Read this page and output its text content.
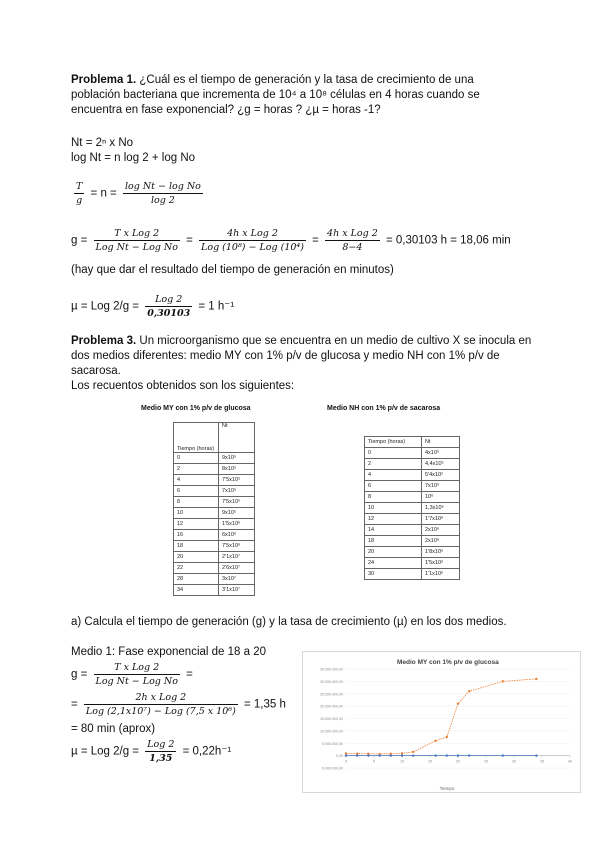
Problema 1. ¿Cuál es el tiempo de generación y la tasa de crecimiento de una
población bacteriana que incrementa de 10⁴ a 10⁸ células en 4 horas cuando se
encuentra en fase exponencial? ¿g = horas ? ¿µ = horas -1?
Nt = 2ⁿ x No
log Nt = n log 2 + log No
$\frac{T}{g} = n = \frac{\text{log Nt − log No}}{\log 2}$
$g = \frac{\text{T x Log 2}}{\text{Log Nt − Log No}} = \frac{\text{4h x Log 2}}{\text{Log (10⁸) − Log (10⁴)}} = \frac{\text{4h x Log 2}}{8-4} = 0,30103$ h = 18,06 min
(hay que dar el resultado del tiempo de generación en minutos)
µ = Log $2/g = \frac{\text{Log 2}}{0,30103} = 1$ h⁻¹
Problema 3. Un microorganismo que se encuentra en un medio de cultivo X se inocula en
dos medios diferentes: medio MY con 1% p/v de glucosa y medio NH con 1% p/v de
sacarosa.
Los recuentos obtenidos son los siguientes:
Medio MY con 1% p/v de glucosa
Tiempo (horas)	Nt
0	9x10⁵
2	8x10⁵
4	7'5x10⁵
6	7x10⁵
8	7'5x10⁵
10	9x10⁵
12	1'5x10⁶
16	6x10⁶
18	7'5x10⁶
20	2'1x10⁷
22	2'6x10⁷
28	3x10⁷
34	3'1x10⁷
Medio NH con 1% p/v de sacarosa
Tiempo (horas)	Nt
0	4x10⁵
2	4,4x10⁵
4	5'4x10⁵
6	7x10⁵
8	10⁶
10	1,3x10⁶
12	1'7x10⁶
14	2x10⁶
18	2x10⁶
20	1'8x10⁶
24	1'5x10⁶
30	1'1x10⁶
a) Calcula el tiempo de generación (g) y la tasa de crecimiento (µ) en los dos medios.
Medio 1: Fase exponencial de 18 a 20
$g = \frac{\text{T x Log 2}}{\text{Log Nt − Log No}}$ =
= $\frac{\text{2h x Log 2}}{\text{Log (2,1x10⁷) − Log (7,5 x 10⁶)}} = 1,35$ h
= 80 min (aprox)
µ = Log $2/g = \frac{\text{Log 2}}{1,35} = 0,22h^{-1}$
Medio MY con 1% p/v de glucosa
-5.000.000,00
0,00
5.000.000,00
10.000.000,00
15.000.000,00
20.000.000,00
25.000.000,00
30.000.000,00
35.000.000,00
0	5	10	15	20	25	30	35	40
Tiempo
